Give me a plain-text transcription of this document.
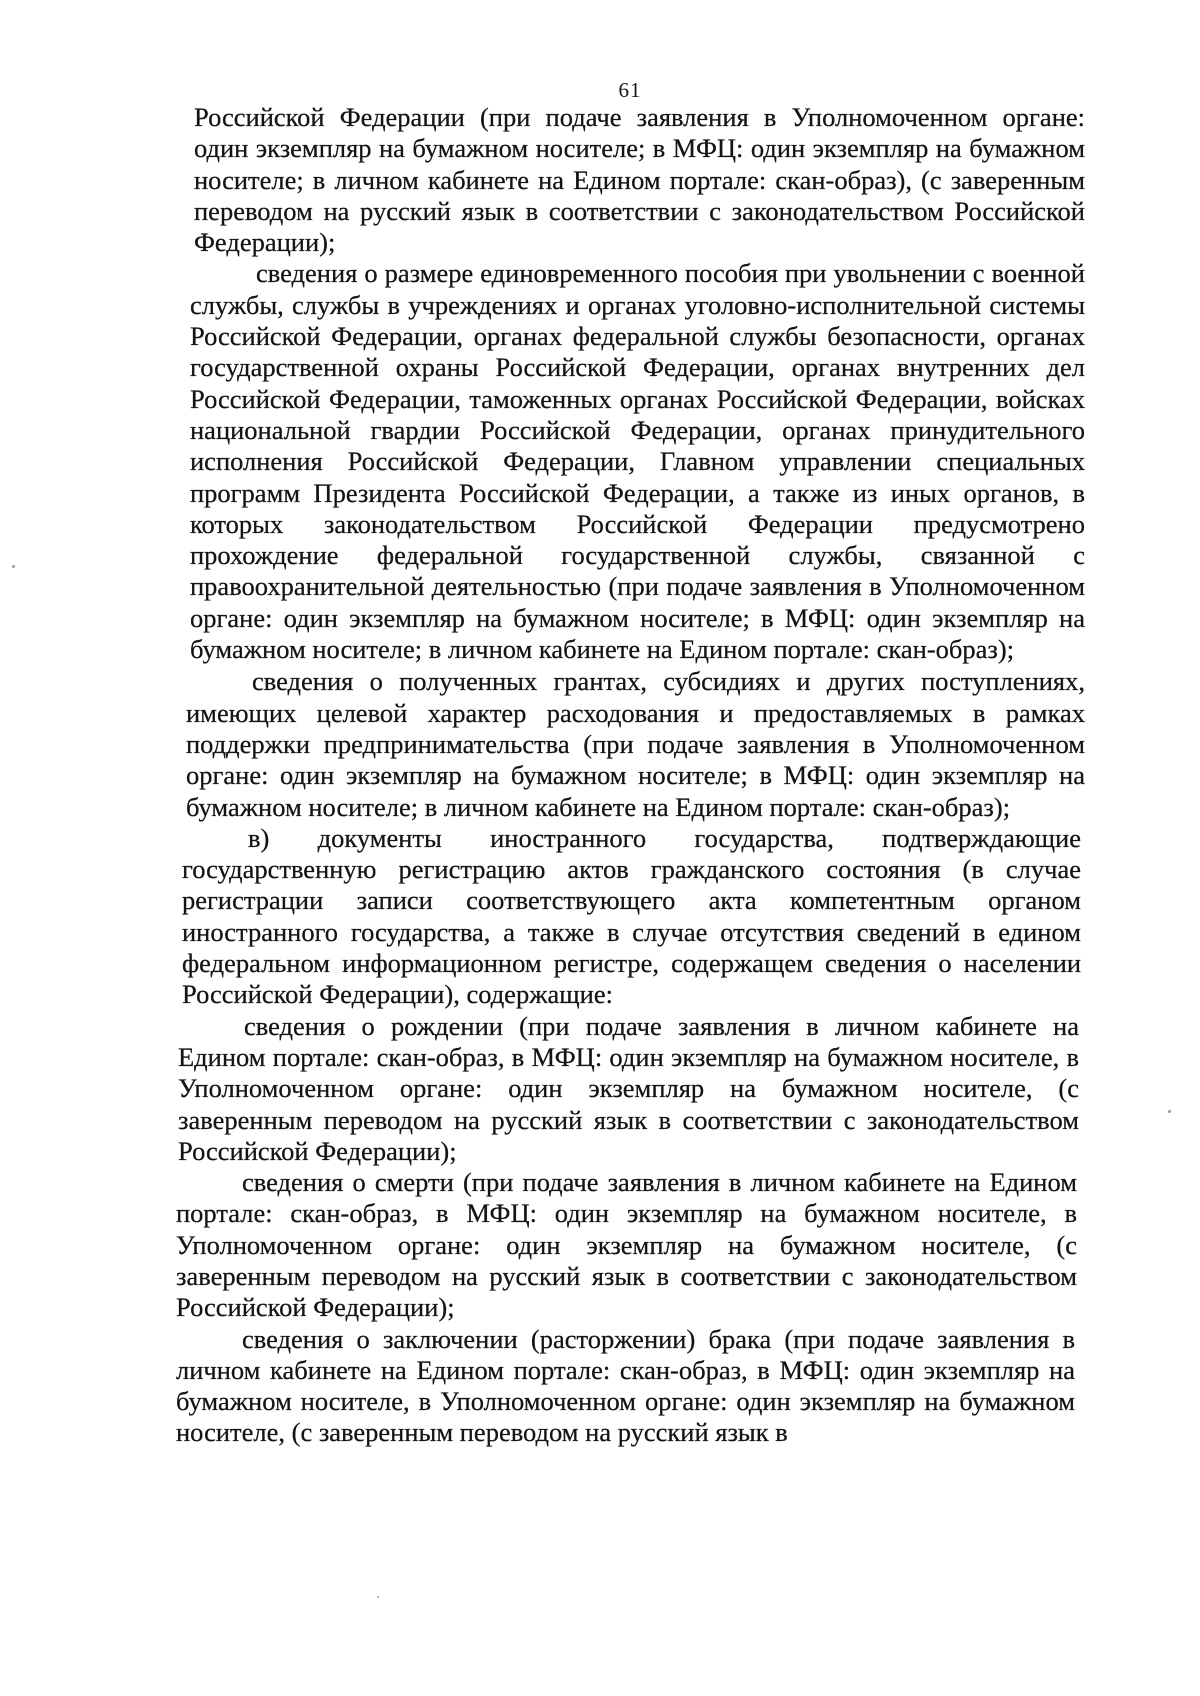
61

Российской Федерации (при подаче заявления в Уполномоченном органе: один экземпляр на бумажном носителе; в МФЦ: один экземпляр на бумажном носителе; в личном кабинете на Едином портале: скан-образ), (с заверенным переводом на русский язык в соответствии с законодательством Российской Федерации);

сведения о размере единовременного пособия при увольнении с военной службы, службы в учреждениях и органах уголовно-исполнительной системы Российской Федерации, органах федеральной службы безопасности, органах государственной охраны Российской Федерации, органах внутренних дел Российской Федерации, таможенных органах Российской Федерации, войсках национальной гвардии Российской Федерации, органах принудительного исполнения Российской Федерации, Главном управлении специальных программ Президента Российской Федерации, а также из иных органов, в которых законодательством Российской Федерации предусмотрено прохождение федеральной государственной службы, связанной с правоохранительной деятельностью (при подаче заявления в Уполномоченном органе: один экземпляр на бумажном носителе; в МФЦ: один экземпляр на бумажном носителе; в личном кабинете на Едином портале: скан-образ);

сведения о полученных грантах, субсидиях и других поступлениях, имеющих целевой характер расходования и предоставляемых в рамках поддержки предпринимательства (при подаче заявления в Уполномоченном органе: один экземпляр на бумажном носителе; в МФЦ: один экземпляр на бумажном носителе; в личном кабинете на Едином портале: скан-образ);

в) документы иностранного государства, подтверждающие государственную регистрацию актов гражданского состояния (в случае регистрации записи соответствующего акта компетентным органом иностранного государства, а также в случае отсутствия сведений в едином федеральном информационном регистре, содержащем сведения о населении Российской Федерации), содержащие:

сведения о рождении (при подаче заявления в личном кабинете на Едином портале: скан-образ, в МФЦ: один экземпляр на бумажном носителе, в Уполномоченном органе: один экземпляр на бумажном носителе, (с заверенным переводом на русский язык в соответствии с законодательством Российской Федерации);

сведения о смерти (при подаче заявления в личном кабинете на Едином портале: скан-образ, в МФЦ: один экземпляр на бумажном носителе, в Уполномоченном органе: один экземпляр на бумажном носителе, (с заверенным переводом на русский язык в соответствии с законодательством Российской Федерации);

сведения о заключении (расторжении) брака (при подаче заявления в личном кабинете на Едином портале: скан-образ, в МФЦ: один экземпляр на бумажном носителе, в Уполномоченном органе: один экземпляр на бумажном носителе, (с заверенным переводом на русский язык в
